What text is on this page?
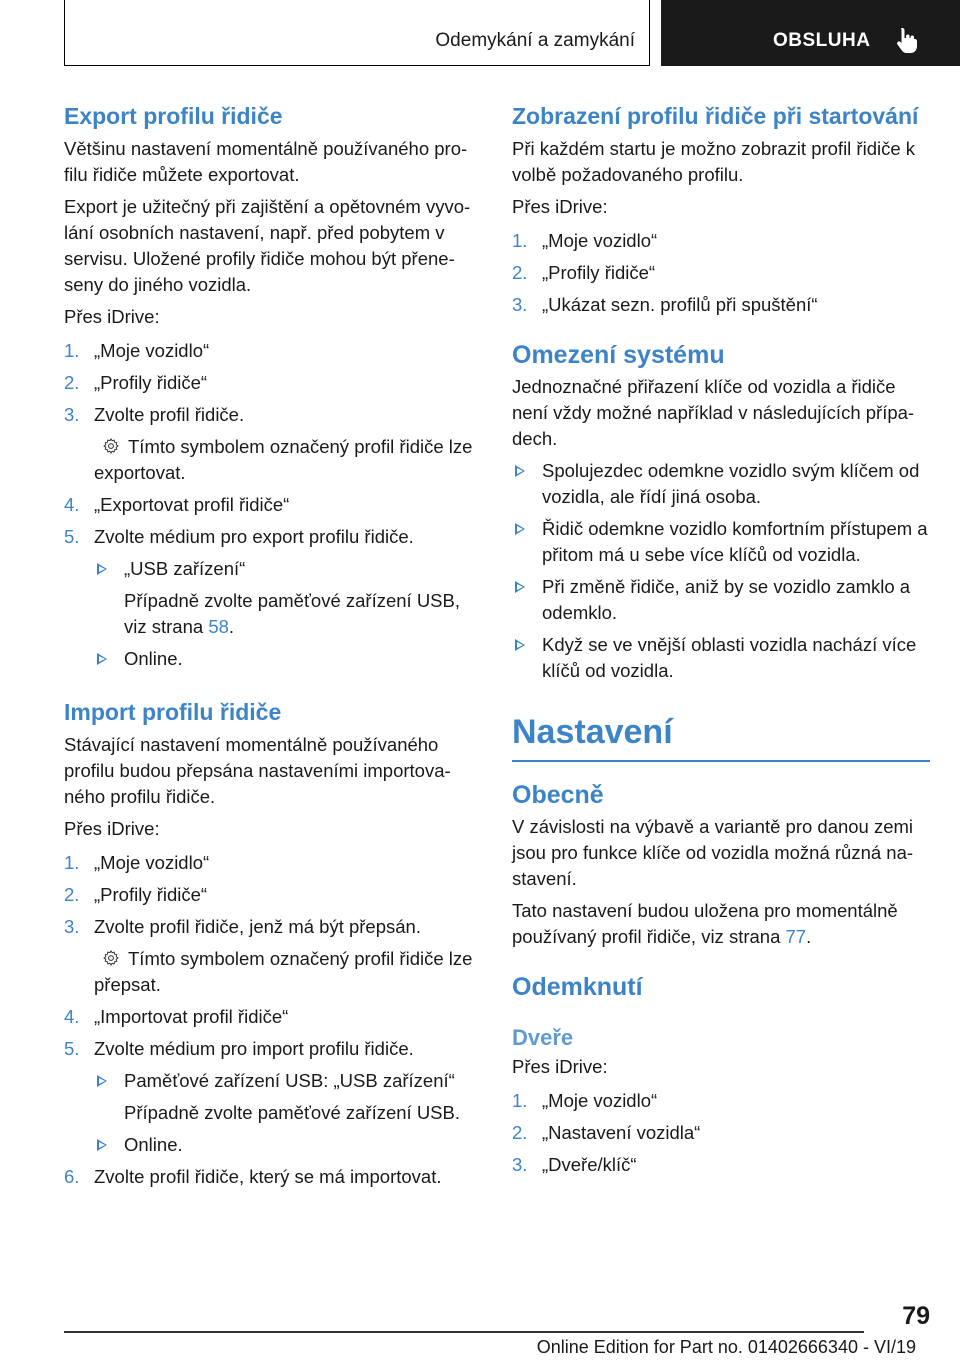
Odemykání a zamykání	OBSLUHA
Export profilu řidiče
Většinu nastavení momentálně používaného profilu řidiče můžete exportovat.
Export je užitečný při zajištění a opětovném vyvolání osobních nastavení, např. před pobytem v servisu. Uložené profily řidiče mohou být přeneseny do jiného vozidla.
Přes iDrive:
1. „Moje vozidlo“
2. „Profily řidiče“
3. Zvolte profil řidiče.
Tímto symbolem označený profil řidiče lze exportovat.
4. „Exportovat profil řidiče“
5. Zvolte médium pro export profilu řidiče.
„USB zařízení“
Případně zvolte paměťové zařízení USB, viz strana 58.
Online.
Import profilu řidiče
Stávající nastavení momentálně používaného profilu budou přepsána nastaveními importovaného profilu řidiče.
Přes iDrive:
1. „Moje vozidlo“
2. „Profily řidiče“
3. Zvolte profil řidiče, jenž má být přepsán.
Tímto symbolem označený profil řidiče lze přepsat.
4. „Importovat profil řidiče“
5. Zvolte médium pro import profilu řidiče.
Paměťové zařízení USB: „USB zařízení“
Případně zvolte paměťové zařízení USB.
Online.
6. Zvolte profil řidiče, který se má importovat.
Zobrazení profilu řidiče při startování
Při každém startu je možno zobrazit profil řidiče k volbě požadovaného profilu.
Přes iDrive:
1. „Moje vozidlo“
2. „Profily řidiče“
3. „Ukázat sezn. profilů při spuštění“
Omezení systému
Jednoznačné přiřazení klíče od vozidla a řidiče není vždy možné například v následujících případech.
Spolujezdec odemkne vozidlo svým klíčem od vozidla, ale řídí jiná osoba.
Řidič odemkne vozidlo komfortním přístupem a přitom má u sebe více klíčů od vozidla.
Při změně řidiče, aniž by se vozidlo zamklo a odemklo.
Když se ve vnější oblasti vozidla nachází více klíčů od vozidla.
Nastavení
Obecně
V závislosti na výbavě a variantě pro danou zemi jsou pro funkce klíče od vozidla možná různá nastavení.
Tato nastavení budou uložena pro momentálně používaný profil řidiče, viz strana 77.
Odemknutí
Dveře
Přes iDrive:
1. „Moje vozidlo“
2. „Nastavení vozidla“
3. „Dveře/klíč“
79
Online Edition for Part no. 01402666340 - VI/19
